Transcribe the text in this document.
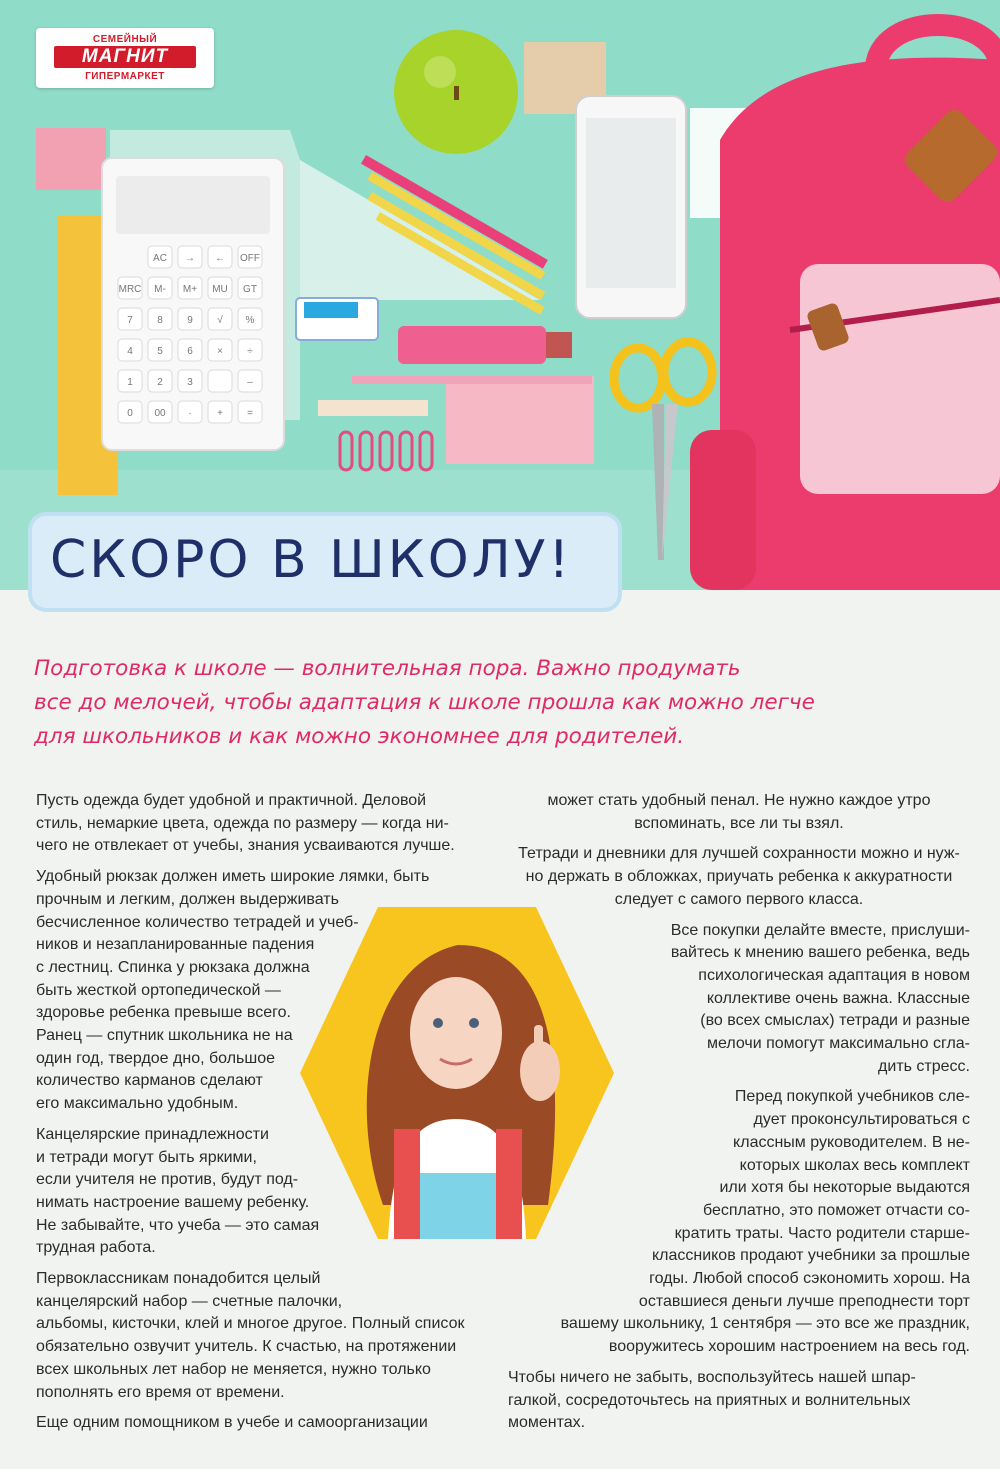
AC → ← OFF
MRC M- M+ MU GT
7 8 9 √ %
4 5 6 × ÷
1 2 3	–
0 00 ·	+ =
СЕМЕЙНЫЙ
МАГНИТ
ГИПЕРМАРКЕТ
СКОРО В ШКОЛУ!
Подготовка к школе — волнительная пора. Важно продумать
все до мелочей, чтобы адаптация к школе прошла как можно легче
для школьников и как можно экономнее для родителей.

Пусть одежда будет удобной и практичной. Деловой
стиль, немаркие цвета, одежда по размеру — когда ни-
чего не отвлекает от учебы, знания усваиваются лучше.

Удобный рюкзак должен иметь широкие лямки, быть
прочным и легким, должен выдерживать
бесчисленное количество тетрадей и учеб-
ников и незапланированные падения
с лестниц. Спинка у рюкзака должна
быть жесткой ортопедической —
здоровье ребенка превыше всего.
Ранец — спутник школьника не на
один год, твердое дно, большое
количество карманов сделают
его максимально удобным.

Канцелярские принадлежности
и тетради могут быть яркими,
если учителя не против, будут под-
нимать настроение вашему ребенку.
Не забывайте, что учеба — это самая
трудная работа.

Первоклассникам понадобится целый
канцелярский набор — счетные палочки,
альбомы, кисточки, клей и многое другое. Полный список
обязательно озвучит учитель. К счастью, на протяжении
всех школьных лет набор не меняется, нужно только
пополнять его время от времени.

Еще одним помощником в учебе и самоорганизации

может стать удобный пенал. Не нужно каждое утро
вспоминать, все ли ты взял.

Тетради и дневники для лучшей сохранности можно и нуж-
но держать в обложках, приучать ребенка к аккуратности
следует с самого первого класса.

Все покупки делайте вместе, прислуши-
вайтесь к мнению вашего ребенка, ведь
психологическая адаптация в новом
коллективе очень важна. Классные
(во всех смыслах) тетради и разные
мелочи помогут максимально сгла-
дить стресс.

Перед покупкой учебников сле-
дует проконсультироваться с
классным руководителем. В не-
которых школах весь комплект
или хотя бы некоторые выдаются
бесплатно, это поможет отчасти со-
кратить траты. Часто родители старше-
классников продают учебники за прошлые
годы. Любой способ сэкономить хорош. На
оставшиеся деньги лучше преподнести торт
вашему школьнику, 1 сентября — это все же праздник,
вооружитесь хорошим настроением на весь год.

Чтобы ничего не забыть, воспользуйтесь нашей шпар-
галкой, сосредоточьтесь на приятных и волнительных
моментах.
